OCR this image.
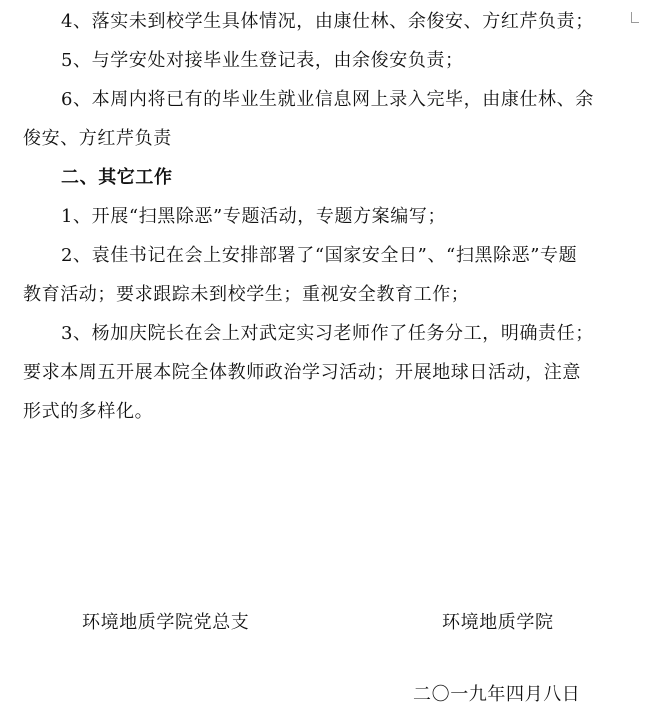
4、落实未到校学生具体情况，由康仕林、余俊安、方红芹负责；
5、与学安处对接毕业生登记表，由余俊安负责；
6、本周内将已有的毕业生就业信息网上录入完毕，由康仕林、余
俊安、方红芹负责
二、其它工作
1、开展“扫黑除恶”专题活动，专题方案编写；
2、袁佳书记在会上安排部署了“国家安全日”、“扫黑除恶”专题
教育活动；要求跟踪未到校学生；重视安全教育工作；
3、杨加庆院长在会上对武定实习老师作了任务分工，明确责任；
要求本周五开展本院全体教师政治学习活动；开展地球日活动，注意
形式的多样化。
环境地质学院党总支	环境地质学院
二〇一九年四月八日
